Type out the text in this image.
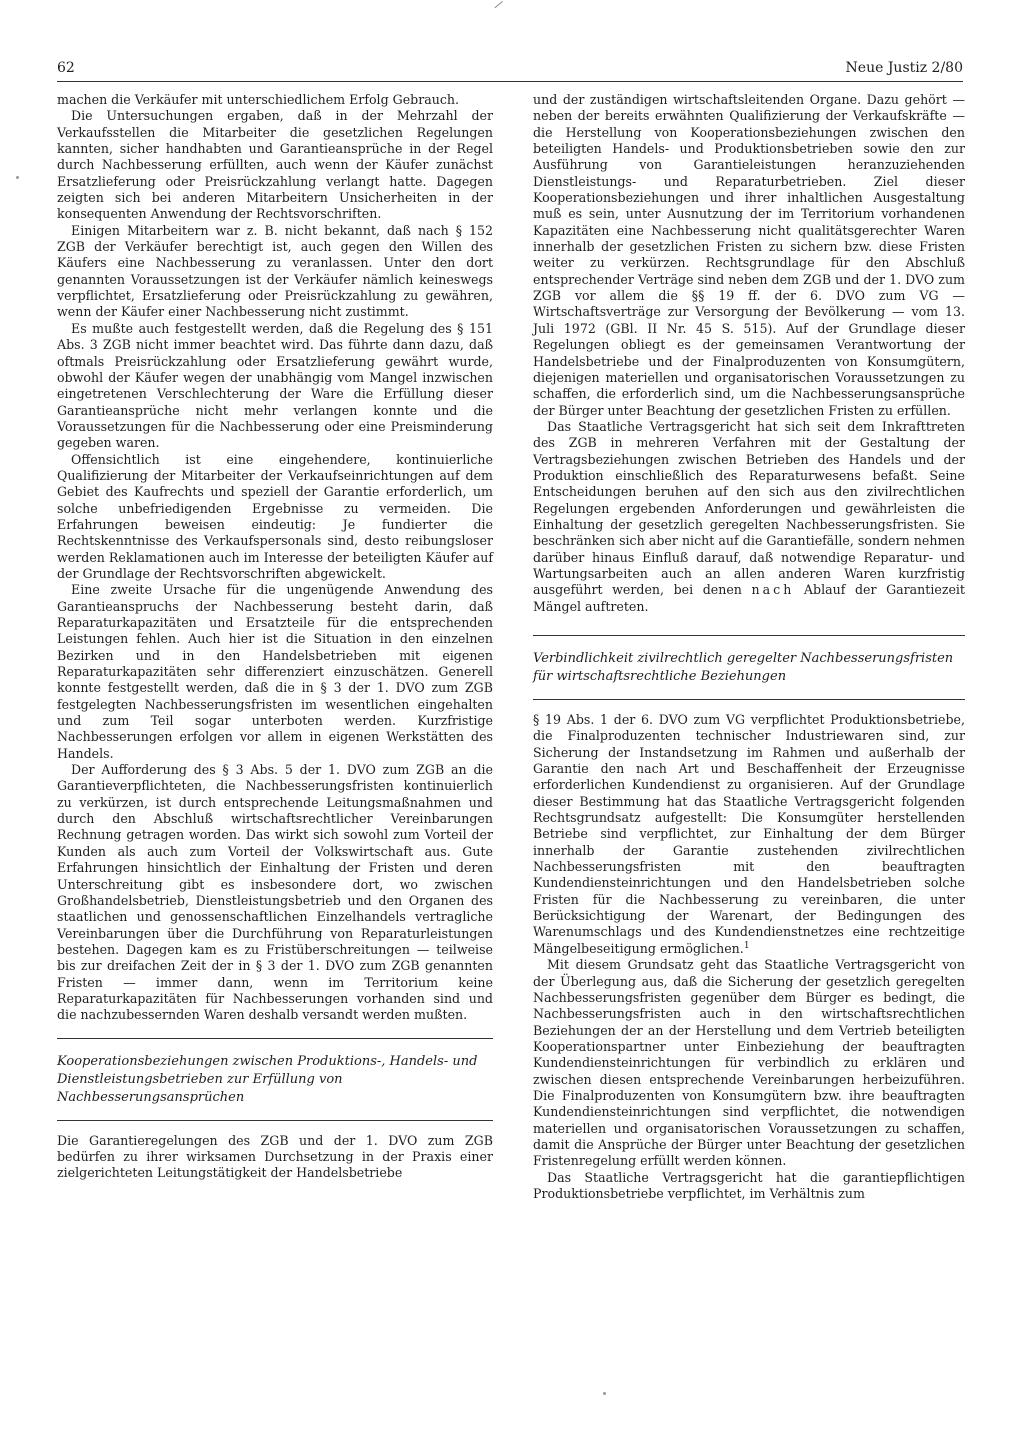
62	Neue Justiz 2/80

machen die Verkäufer mit unterschiedlichem Erfolg Gebrauch.

Die Untersuchungen ergaben, daß in der Mehrzahl der Verkaufsstellen die Mitarbeiter die gesetzlichen Regelungen kannten, sicher handhabten und Garantieansprüche in der Regel durch Nachbesserung erfüllten, auch wenn der Käufer zunächst Ersatzlieferung oder Preisrückzahlung verlangt hatte. Dagegen zeigten sich bei anderen Mitarbeitern Unsicherheiten in der konsequenten Anwendung der Rechtsvorschriften.

Einigen Mitarbeitern war z. B. nicht bekannt, daß nach § 152 ZGB der Verkäufer berechtigt ist, auch gegen den Willen des Käufers eine Nachbesserung zu veranlassen. Unter den dort genannten Voraussetzungen ist der Verkäufer nämlich keineswegs verpflichtet, Ersatzlieferung oder Preisrückzahlung zu gewähren, wenn der Käufer einer Nachbesserung nicht zustimmt.

Es mußte auch festgestellt werden, daß die Regelung des § 151 Abs. 3 ZGB nicht immer beachtet wird. Das führte dann dazu, daß oftmals Preisrückzahlung oder Ersatzlieferung gewährt wurde, obwohl der Käufer wegen der unabhängig vom Mangel inzwischen eingetretenen Verschlechterung der Ware die Erfüllung dieser Garantieansprüche nicht mehr verlangen konnte und die Voraussetzungen für die Nachbesserung oder eine Preisminderung gegeben waren.

Offensichtlich ist eine eingehendere, kontinuierliche Qualifizierung der Mitarbeiter der Verkaufseinrichtungen auf dem Gebiet des Kaufrechts und speziell der Garantie erforderlich, um solche unbefriedigenden Ergebnisse zu vermeiden. Die Erfahrungen beweisen eindeutig: Je fundierter die Rechtskenntnisse des Verkaufspersonals sind, desto reibungsloser werden Reklamationen auch im Interesse der beteiligten Käufer auf der Grundlage der Rechtsvorschriften abgewickelt.

Eine zweite Ursache für die ungenügende Anwendung des Garantieanspruchs der Nachbesserung besteht darin, daß Reparaturkapazitäten und Ersatzteile für die entsprechenden Leistungen fehlen. Auch hier ist die Situation in den einzelnen Bezirken und in den Handelsbetrieben mit eigenen Reparaturkapazitäten sehr differenziert einzuschätzen. Generell konnte festgestellt werden, daß die in § 3 der 1. DVO zum ZGB festgelegten Nachbesserungsfristen im wesentlichen eingehalten und zum Teil sogar unterboten werden. Kurzfristige Nachbesserungen erfolgen vor allem in eigenen Werkstätten des Handels.

Der Aufforderung des § 3 Abs. 5 der 1. DVO zum ZGB an die Garantieverpflichteten, die Nachbesserungsfristen kontinuierlich zu verkürzen, ist durch entsprechende Leitungsmaßnahmen und durch den Abschluß wirtschaftsrechtlicher Vereinbarungen Rechnung getragen worden. Das wirkt sich sowohl zum Vorteil der Kunden als auch zum Vorteil der Volkswirtschaft aus. Gute Erfahrungen hinsichtlich der Einhaltung der Fristen und deren Unterschreitung gibt es insbesondere dort, wo zwischen Großhandelsbetrieb, Dienstleistungsbetrieb und den Organen des staatlichen und genossenschaftlichen Einzelhandels vertragliche Vereinbarungen über die Durchführung von Reparaturleistungen bestehen. Dagegen kam es zu Fristüberschreitungen — teilweise bis zur dreifachen Zeit der in § 3 der 1. DVO zum ZGB genannten Fristen — immer dann, wenn im Territorium keine Reparaturkapazitäten für Nachbesserungen vorhanden sind und die nachzubessernden Waren deshalb versandt werden mußten.

Kooperationsbeziehungen zwischen Produktions-, Handels- und Dienstleistungsbetrieben zur Erfüllung von Nachbesserungsansprüchen

Die Garantieregelungen des ZGB und der 1. DVO zum ZGB bedürfen zu ihrer wirksamen Durchsetzung in der Praxis einer zielgerichteten Leitungstätigkeit der Handelsbetriebe

und der zuständigen wirtschaftsleitenden Organe. Dazu gehört — neben der bereits erwähnten Qualifizierung der Verkaufskräfte — die Herstellung von Kooperationsbeziehungen zwischen den beteiligten Handels- und Produktionsbetrieben sowie den zur Ausführung von Garantieleistungen heranzuziehenden Dienstleistungs- und Reparaturbetrieben. Ziel dieser Kooperationsbeziehungen und ihrer inhaltlichen Ausgestaltung muß es sein, unter Ausnutzung der im Territorium vorhandenen Kapazitäten eine Nachbesserung nicht qualitätsgerechter Waren innerhalb der gesetzlichen Fristen zu sichern bzw. diese Fristen weiter zu verkürzen. Rechtsgrundlage für den Abschluß entsprechender Verträge sind neben dem ZGB und der 1. DVO zum ZGB vor allem die §§ 19 ff. der 6. DVO zum VG — Wirtschaftsverträge zur Versorgung der Bevölkerung — vom 13. Juli 1972 (GBl. II Nr. 45 S. 515). Auf der Grundlage dieser Regelungen obliegt es der gemeinsamen Verantwortung der Handelsbetriebe und der Finalproduzenten von Konsumgütern, diejenigen materiellen und organisatorischen Voraussetzungen zu schaffen, die erforderlich sind, um die Nachbesserungsansprüche der Bürger unter Beachtung der gesetzlichen Fristen zu erfüllen.

Das Staatliche Vertragsgericht hat sich seit dem Inkrafttreten des ZGB in mehreren Verfahren mit der Gestaltung der Vertragsbeziehungen zwischen Betrieben des Handels und der Produktion einschließlich des Reparaturwesens befaßt. Seine Entscheidungen beruhen auf den sich aus den zivilrechtlichen Regelungen ergebenden Anforderungen und gewährleisten die Einhaltung der gesetzlich geregelten Nachbesserungsfristen. Sie beschränken sich aber nicht auf die Garantiefälle, sondern nehmen darüber hinaus Einfluß darauf, daß notwendige Reparatur- und Wartungsarbeiten auch an allen anderen Waren kurzfristig ausgeführt werden, bei denen nach Ablauf der Garantiezeit Mängel auftreten.

Verbindlichkeit zivilrechtlich geregelter Nachbesserungsfristen für wirtschaftsrechtliche Beziehungen

§ 19 Abs. 1 der 6. DVO zum VG verpflichtet Produktionsbetriebe, die Finalproduzenten technischer Industriewaren sind, zur Sicherung der Instandsetzung im Rahmen und außerhalb der Garantie den nach Art und Beschaffenheit der Erzeugnisse erforderlichen Kundendienst zu organisieren. Auf der Grundlage dieser Bestimmung hat das Staatliche Vertragsgericht folgenden Rechtsgrundsatz aufgestellt: Die Konsumgüter herstellenden Betriebe sind verpflichtet, zur Einhaltung der dem Bürger innerhalb der Garantie zustehenden zivilrechtlichen Nachbesserungsfristen mit den beauftragten Kundendiensteinrichtungen und den Handelsbetrieben solche Fristen für die Nachbesserung zu vereinbaren, die unter Berücksichtigung der Warenart, der Bedingungen des Warenumschlags und des Kundendienstnetzes eine rechtzeitige Mängelbeseitigung ermöglichen.$^1$

Mit diesem Grundsatz geht das Staatliche Vertragsgericht von der Überlegung aus, daß die Sicherung der gesetzlich geregelten Nachbesserungsfristen gegenüber dem Bürger es bedingt, die Nachbesserungsfristen auch in den wirtschaftsrechtlichen Beziehungen der an der Herstellung und dem Vertrieb beteiligten Kooperationspartner unter Einbeziehung der beauftragten Kundendiensteinrichtungen für verbindlich zu erklären und zwischen diesen entsprechende Vereinbarungen herbeizuführen. Die Finalproduzenten von Konsumgütern bzw. ihre beauftragten Kundendiensteinrichtungen sind verpflichtet, die notwendigen materiellen und organisatorischen Voraussetzungen zu schaffen, damit die Ansprüche der Bürger unter Beachtung der gesetzlichen Fristenregelung erfüllt werden können.

Das Staatliche Vertragsgericht hat die garantiepflichtigen Produktionsbetriebe verpflichtet, im Verhältnis zum
